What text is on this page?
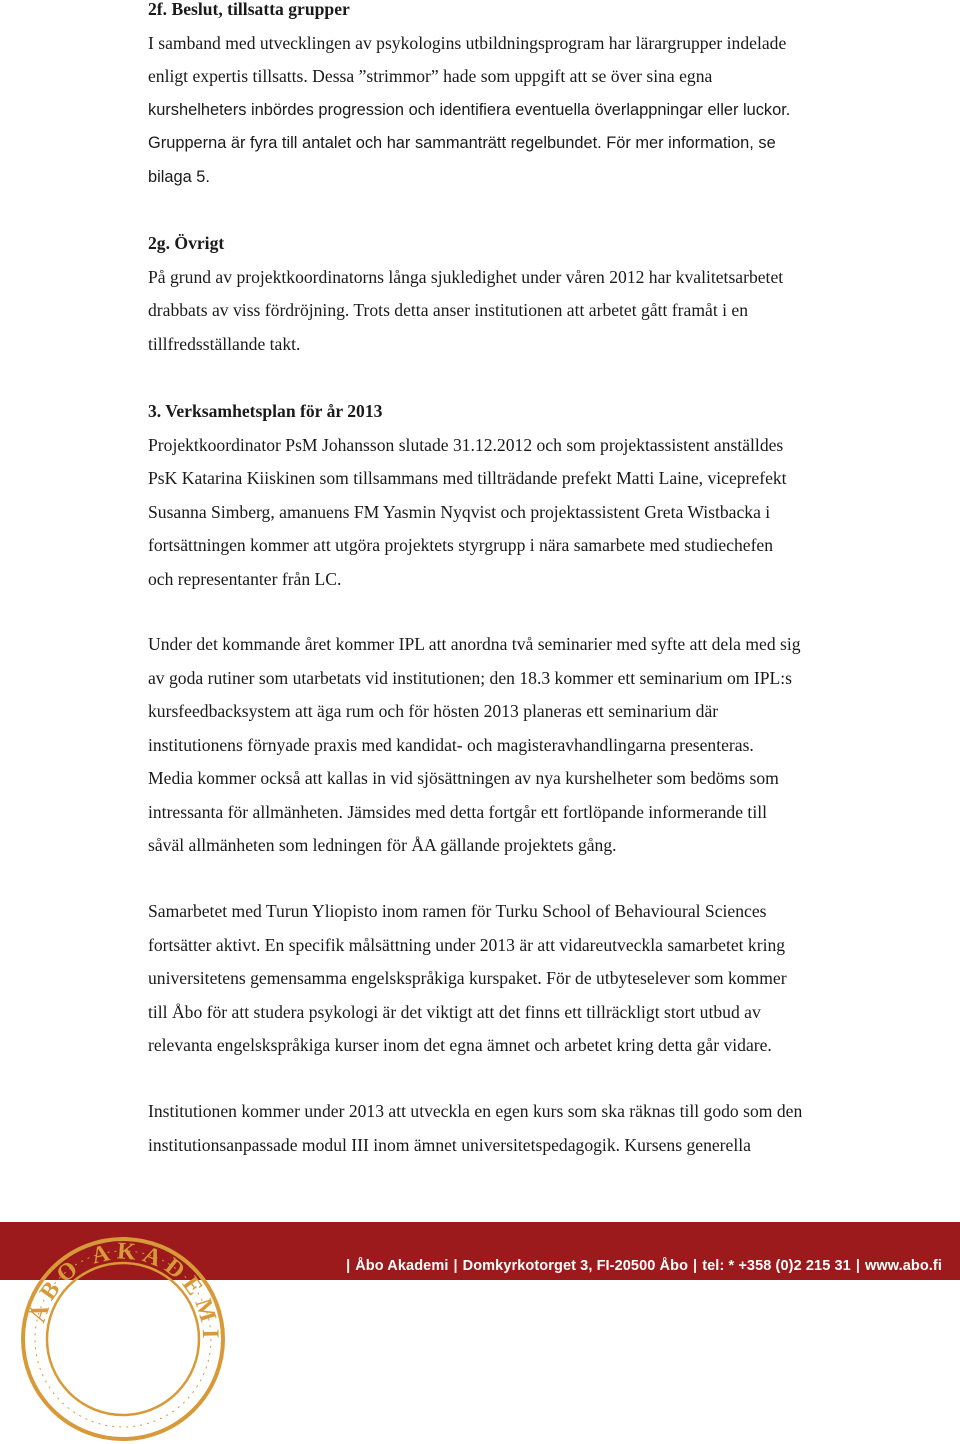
2f. Beslut, tillsatta grupper
I samband med utvecklingen av psykologins utbildningsprogram har lärargrupper indelade
enligt expertis tillsatts. Dessa ”strimmor” hade som uppgift att se över sina egna
kurshelheters inbördes progression och identifiera eventuella överlappningar eller luckor.
Grupperna är fyra till antalet och har sammanträtt regelbundet. För mer information, se
bilaga 5.
2g. Övrigt
På grund av projektkoordinatorns långa sjukledighet under våren 2012 har kvalitetsarbetet
drabbats av viss fördröjning. Trots detta anser institutionen att arbetet gått framåt i en
tillfredsställande takt.
3. Verksamhetsplan för år 2013
Projektkoordinator PsM Johansson slutade 31.12.2012 och som projektassistent anställdes
PsK Katarina Kiiskinen som tillsammans med tillträdande prefekt Matti Laine, viceprefekt
Susanna Simberg, amanuens FM Yasmin Nyqvist och projektassistent Greta Wistbacka i
fortsättningen kommer att utgöra projektets styrgrupp i nära samarbete med studiechefen
och representanter från LC.
Under det kommande året kommer IPL att anordna två seminarier med syfte att dela med sig
av goda rutiner som utarbetats vid institutionen; den 18.3 kommer ett seminarium om IPL:s
kursfeedbacksystem att äga rum och för hösten 2013 planeras ett seminarium där
institutionens förnyade praxis med kandidat- och magisteravhandlingarna presenteras.
Media kommer också att kallas in vid sjösättningen av nya kurshelheter som bedöms som
intressanta för allmänheten. Jämsides med detta fortgår ett fortlöpande informerande till
såväl allmänheten som ledningen för ÅA gällande projektets gång.
Samarbetet med Turun Yliopisto inom ramen för Turku School of Behavioural Sciences
fortsätter aktivt. En specifik målsättning under 2013 är att vidareutveckla samarbetet kring
universitetens gemensamma engelskspråkiga kurspaket. För de utbyteselever som kommer
till Åbo för att studera psykologi är det viktigt att det finns ett tillräckligt stort utbud av
relevanta engelskspråkiga kurser inom det egna ämnet och arbetet kring detta går vidare.
Institutionen kommer under 2013 att utveckla en egen kurs som ska räknas till godo som den
institutionsanpassade modul III inom ämnet universitetspedagogik. Kursens generella
ÅBO AKADEMI
| Åbo Akademi | Domkyrkotorget 3, FI-20500 Åbo | tel: * +358 (0)2 215 31 | www.abo.fi
